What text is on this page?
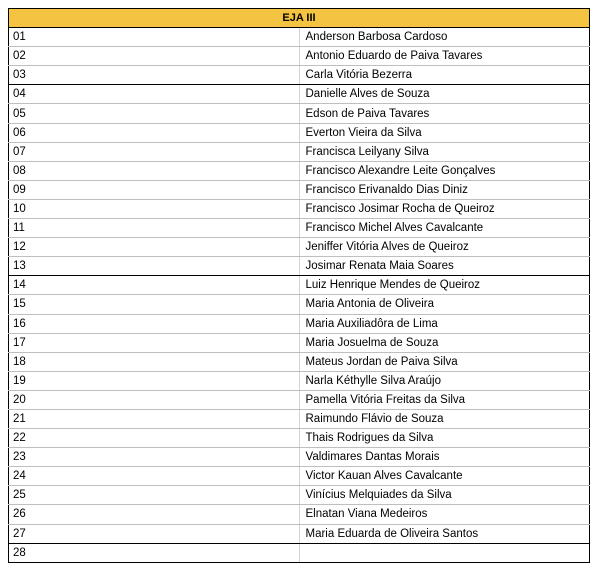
EJA III	
01	Anderson Barbosa Cardoso
02	Antonio Eduardo de Paiva Tavares
03	Carla Vitória Bezerra
04	Danielle Alves de Souza
05	Edson de Paiva Tavares
06	Everton Vieira da Silva
07	Francisca Leilyany Silva
08	Francisco Alexandre Leite Gonçalves
09	Francisco Erivanaldo Dias Diniz
10	Francisco Josimar Rocha de Queiroz
11	Francisco Michel Alves Cavalcante
12	Jeniffer Vitória Alves de Queiroz
13	Josimar Renata Maia Soares
14	Luiz Henrique Mendes de Queiroz
15	Maria Antonia de Oliveira
16	Maria Auxiliadôra de Lima
17	Maria Josuelma de Souza
18	Mateus Jordan de Paiva Silva
19	Narla Kéthylle Silva Araújo
20	Pamella Vitória Freitas da Silva
21	Raimundo Flávio de Souza
22	Thais Rodrigues da Silva
23	Valdimares Dantas Morais
24	Victor Kauan Alves Cavalcante
25	Vinícius Melquiades da Silva
26	Elnatan Viana Medeiros
27	Maria Eduarda de Oliveira Santos
28	
